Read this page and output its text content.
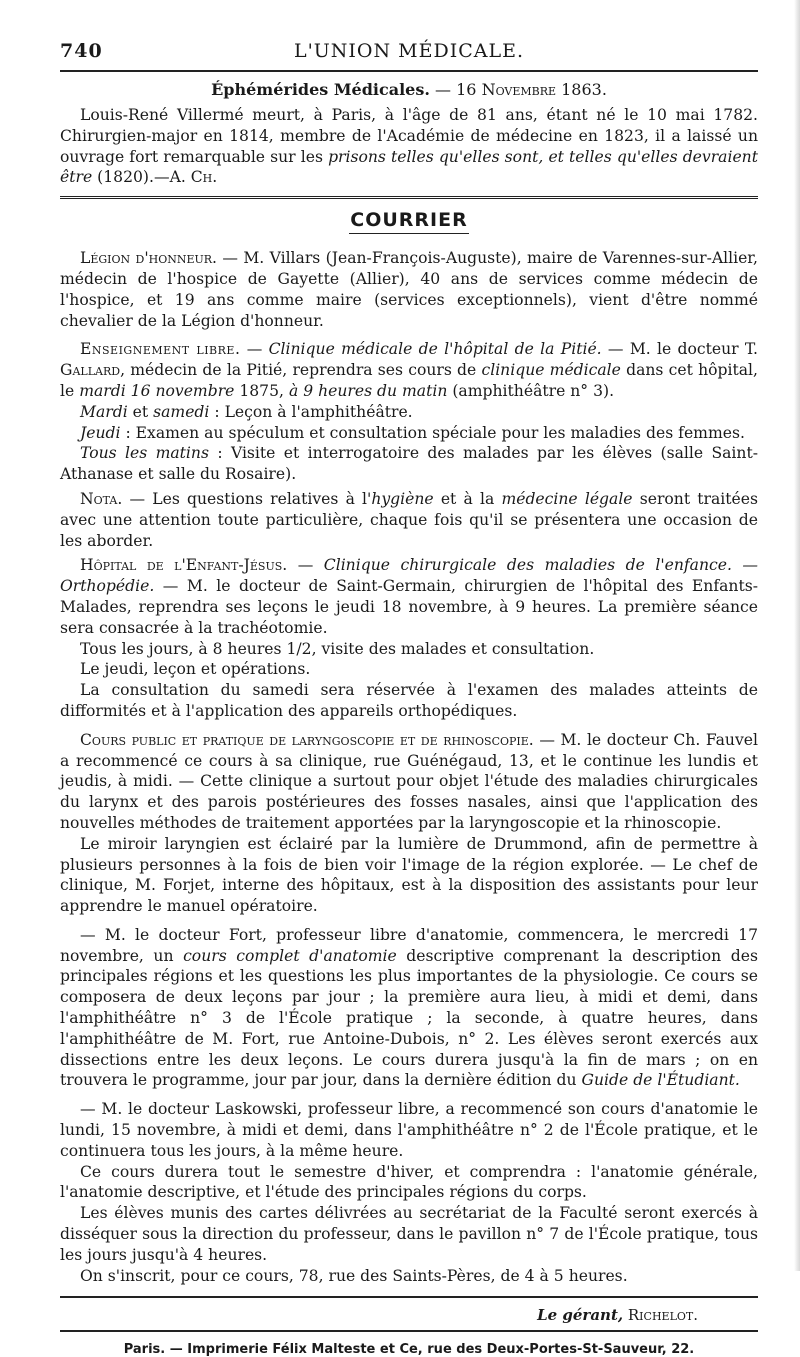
L'UNION MÉDICALE.
740
Éphémérides Médicales. — 16 Novembre 1863.

Louis-René Villermé meurt, à Paris, à l'âge de 81 ans, étant né le 10 mai 1782. Chirurgien-major en 1814, membre de l'Académie de médecine en 1823, il a laissé un ouvrage fort remarquable sur les prisons telles qu'elles sont, et telles qu'elles devraient être (1820).—A. Ch.

COURRIER

Légion d'honneur. — M. Villars (Jean-François-Auguste), maire de Varennes-sur-Allier, médecin de l'hospice de Gayette (Allier), 40 ans de services comme médecin de l'hospice, et 19 ans comme maire (services exceptionnels), vient d'être nommé chevalier de la Légion d'honneur.

Enseignement libre. — Clinique médicale de l'hôpital de la Pitié. — M. le docteur T. Gallard, médecin de la Pitié, reprendra ses cours de clinique médicale dans cet hôpital, le mardi 16 novembre 1875, à 9 heures du matin (amphithéâtre n° 3).

Mardi et samedi : Leçon à l'amphithéâtre.

Jeudi : Examen au spéculum et consultation spéciale pour les maladies des femmes.

Tous les matins : Visite et interrogatoire des malades par les élèves (salle Saint-Athanase et salle du Rosaire).

Nota. — Les questions relatives à l'hygiène et à la médecine légale seront traitées avec une attention toute particulière, chaque fois qu'il se présentera une occasion de les aborder.

Hôpital de l'Enfant-Jésus. — Clinique chirurgicale des maladies de l'enfance. — Orthopédie. — M. le docteur de Saint-Germain, chirurgien de l'hôpital des Enfants-Malades, reprendra ses leçons le jeudi 18 novembre, à 9 heures. La première séance sera consacrée à la trachéotomie.

Tous les jours, à 8 heures 1/2, visite des malades et consultation.

Le jeudi, leçon et opérations.

La consultation du samedi sera réservée à l'examen des malades atteints de difformités et à l'application des appareils orthopédiques.

Cours public et pratique de laryngoscopie et de rhinoscopie. — M. le docteur Ch. Fauvel a recommencé ce cours à sa clinique, rue Guénégaud, 13, et le continue les lundis et jeudis, à midi. — Cette clinique a surtout pour objet l'étude des maladies chirurgicales du larynx et des parois postérieures des fosses nasales, ainsi que l'application des nouvelles méthodes de traitement apportées par la laryngoscopie et la rhinoscopie.

Le miroir laryngien est éclairé par la lumière de Drummond, afin de permettre à plusieurs personnes à la fois de bien voir l'image de la région explorée. — Le chef de clinique, M. Forjet, interne des hôpitaux, est à la disposition des assistants pour leur apprendre le manuel opératoire.

— M. le docteur Fort, professeur libre d'anatomie, commencera, le mercredi 17 novembre, un cours complet d'anatomie descriptive comprenant la description des principales régions et les questions les plus importantes de la physiologie. Ce cours se composera de deux leçons par jour ; la première aura lieu, à midi et demi, dans l'amphithéâtre n° 3 de l'École pratique ; la seconde, à quatre heures, dans l'amphithéâtre de M. Fort, rue Antoine-Dubois, n° 2. Les élèves seront exercés aux dissections entre les deux leçons. Le cours durera jusqu'à la fin de mars ; on en trouvera le programme, jour par jour, dans la dernière édition du Guide de l'Étudiant.

— M. le docteur Laskowski, professeur libre, a recommencé son cours d'anatomie le lundi, 15 novembre, à midi et demi, dans l'amphithéâtre n° 2 de l'École pratique, et le continuera tous les jours, à la même heure.

Ce cours durera tout le semestre d'hiver, et comprendra : l'anatomie générale, l'anatomie descriptive, et l'étude des principales régions du corps.

Les élèves munis des cartes délivrées au secrétariat de la Faculté seront exercés à disséquer sous la direction du professeur, dans le pavillon n° 7 de l'École pratique, tous les jours jusqu'à 4 heures.

On s'inscrit, pour ce cours, 78, rue des Saints-Pères, de 4 à 5 heures.

Le gérant, Richelot.
Paris. — Imprimerie Félix Malteste et Ce, rue des Deux-Portes-St-Sauveur, 22.
